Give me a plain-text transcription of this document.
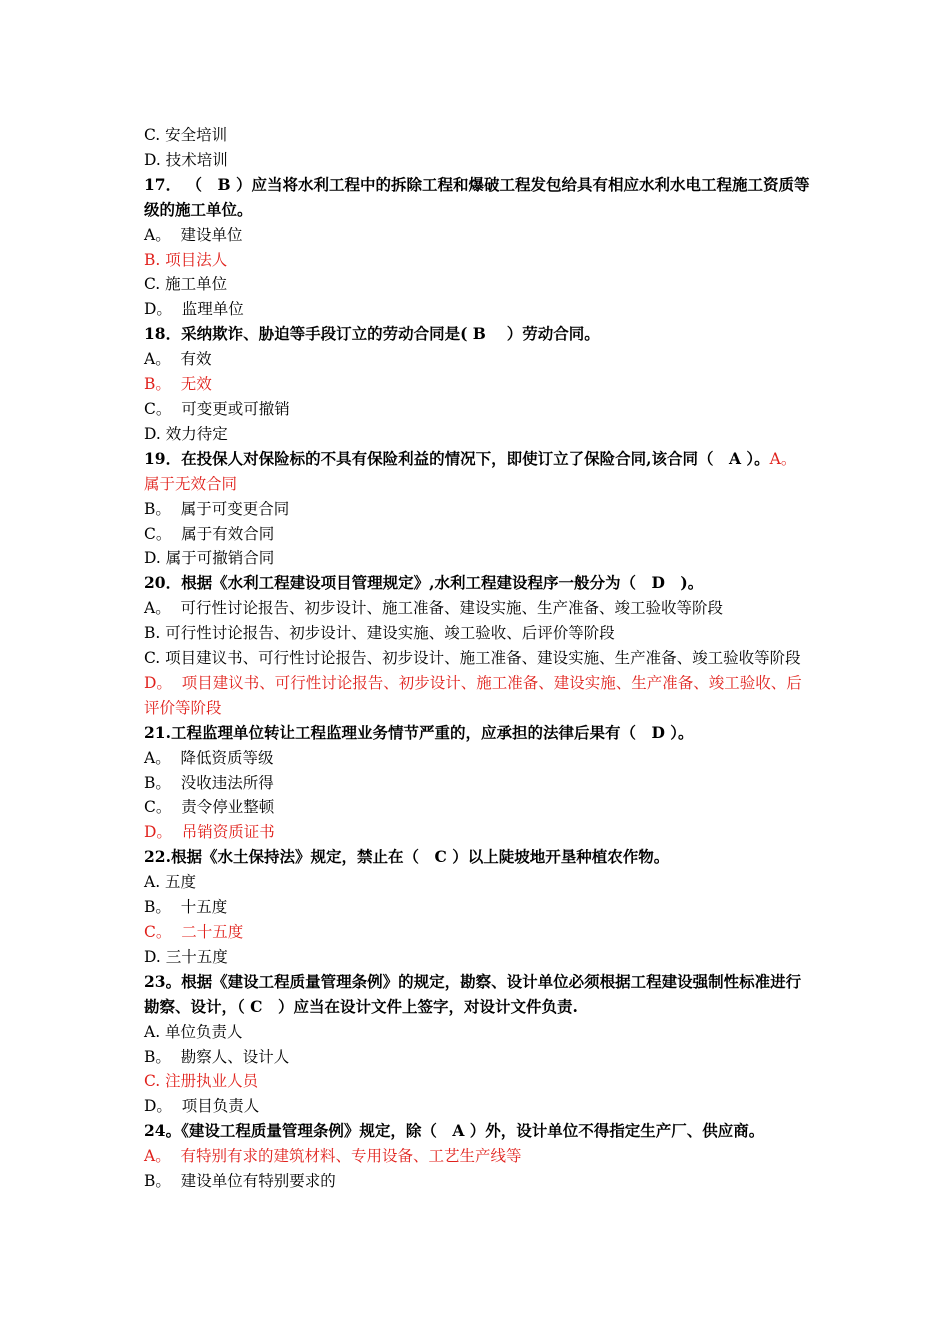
C. 安全培训
D. 技术培训
17． （　B ）应当将水利工程中的拆除工程和爆破工程发包给具有相应水利水电工程施工资质等级的施工单位。
A。  建设单位
B. 项目法人
C. 施工单位
D。  监理单位
18．采纳欺诈、胁迫等手段订立的劳动合同是( B　 ）劳动合同。
A。  有效
B。  无效
C。  可变更或可撤销
D. 效力待定
19．在投保人对保险标的不具有保险利益的情况下，即使订立了保险合同,该合同（　A ）。A。  属于无效合同
B。  属于可变更合同
C。  属于有效合同
D. 属于可撤销合同
20．根据《水利工程建设项目管理规定》,水利工程建设程序一般分为（　D　)。
A。  可行性讨论报告、初步设计、施工准备、建设实施、生产准备、竣工验收等阶段
B. 可行性讨论报告、初步设计、建设实施、竣工验收、后评价等阶段
C. 项目建议书、可行性讨论报告、初步设计、施工准备、建设实施、生产准备、竣工验收等阶段
D。  项目建议书、可行性讨论报告、初步设计、施工准备、建设实施、生产准备、竣工验收、后评价等阶段
21.工程监理单位转让工程监理业务情节严重的，应承担的法律后果有（　D ）。
A。  降低资质等级
B。  没收违法所得
C。  责令停业整顿
D。  吊销资质证书
22.根据《水土保持法》规定，禁止在（　C ）以上陡坡地开垦种植农作物。
A. 五度
B。  十五度
C。  二十五度
D. 三十五度
23。根据《建设工程质量管理条例》的规定，勘察、设计单位必须根据工程建设强制性标准进行勘察、设计，（ C　）应当在设计文件上签字，对设计文件负责.
A. 单位负责人
B。  勘察人、设计人
C. 注册执业人员
D。  项目负责人
24。《建设工程质量管理条例》规定，除（　A ）外，设计单位不得指定生产厂、供应商。
A。  有特别有求的建筑材料、专用设备、工艺生产线等
B。  建设单位有特别要求的
